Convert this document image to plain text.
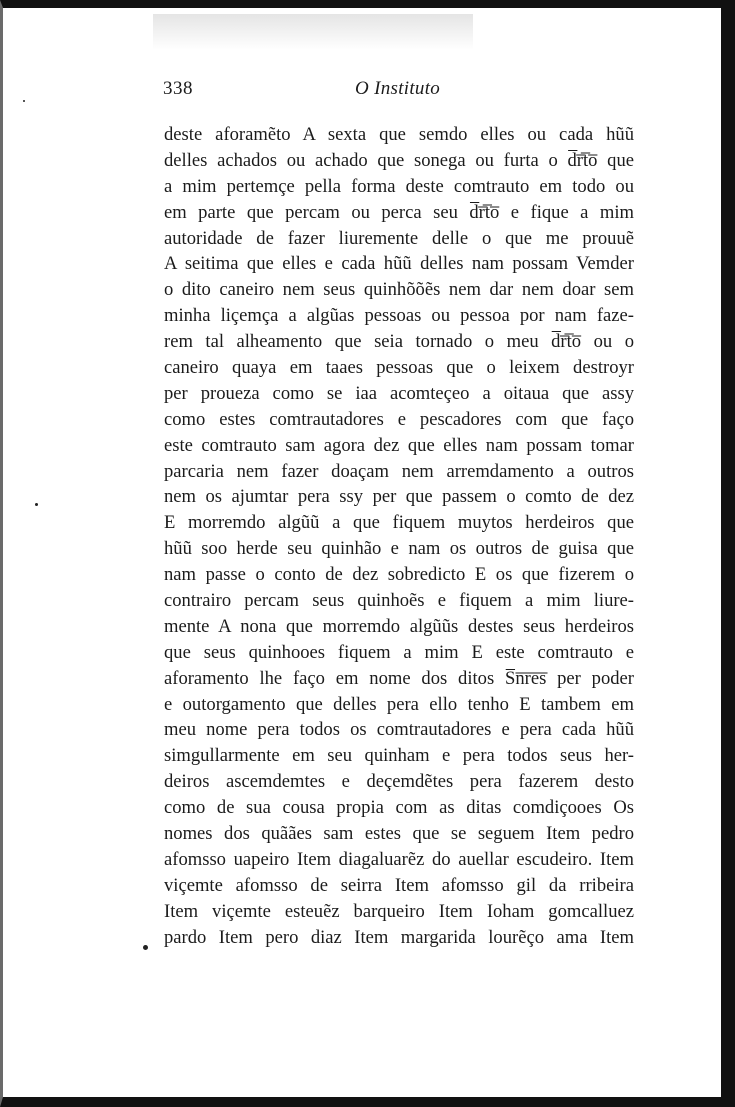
338	O Instituto
deste aforamẽto A sexta que semdo elles ou cada hũũ
delles achados ou achado que sonega ou furta o d̅r̅t̅o̅ que
a mim pertemçe pella forma deste comtrauto em todo ou
em parte que percam ou perca seu d̅r̅t̅o̅ e fique a mim
autoridade de fazer liuremente delle o que me prouuẽ
A seitima que elles e cada hũũ delles nam possam Vemder
o dito caneiro nem seus quinhõõẽs nem dar nem doar sem
minha liçemça a algũas pessoas ou pessoa por nam faze-
rem tal alheamento que seia tornado o meu d̅r̅t̅o̅ ou o
caneiro quaya em taaes pessoas que o leixem destroyr
per proueza como se iaa acomteçeo a oitaua que assy
como estes comtrautadores e pescadores com que faço
este comtrauto sam agora dez que elles nam possam tomar
parcaria nem fazer doaçam nem arremdamento a outros
nem os ajumtar pera ssy per que passem o comto de dez
E morremdo algũũ a que fiquem muytos herdeiros que
hũũ soo herde seu quinhão e nam os outros de guisa que
nam passe o conto de dez sobredicto E os que fizerem o
contrairo percam seus quinhoẽs e fiquem a mim liure-
mente A nona que morremdo algũũs destes seus herdeiros
que seus quinhooes fiquem a mim E este comtrauto e
aforamento lhe faço em nome dos ditos S̅n̅r̅e̅s̅ per poder
e outorgamento que delles pera ello tenho E tambem em
meu nome pera todos os comtrautadores e pera cada hũũ
simgullarmente em seu quinham e pera todos seus her-
deiros ascemdemtes e deçemdẽtes pera fazerem desto
como de sua cousa propia com as ditas comdiçooes Os
nomes dos quãães sam estes que se seguem Item pedro
afomsso uapeiro Item diagaluarẽz do auellar escudeiro. Item
viçemte afomsso de seirra Item afomsso gil da rribeira
Item viçemte esteuẽz barqueiro Item Ioham gomcalluez
pardo Item pero diaz Item margarida lourẽço ama Item
